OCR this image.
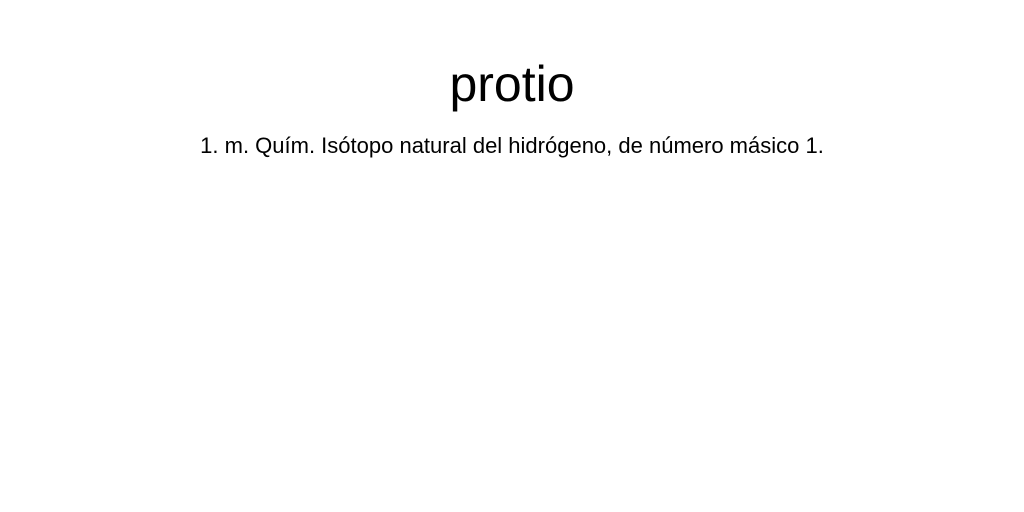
protio

1. m. Quím. Isótopo natural del hidrógeno, de número másico 1.
